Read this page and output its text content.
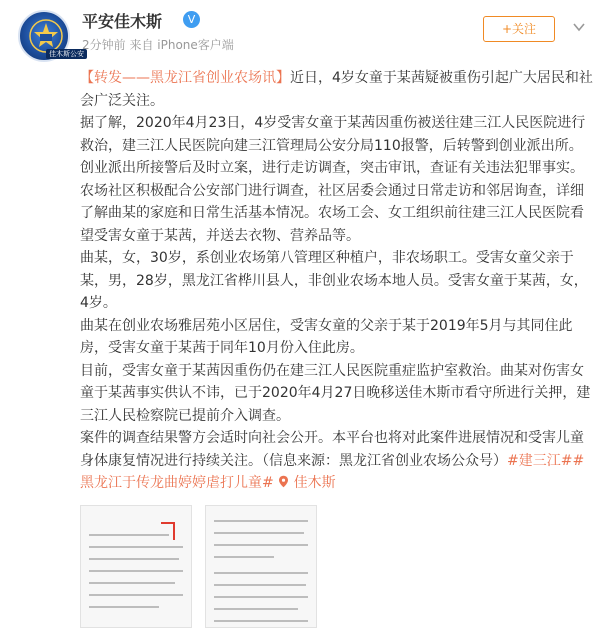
佳木斯公安
平安佳木斯	V
2分钟前 来自 iPhone客户端
+关注

【转发——黑龙江省创业农场讯】近日，4岁女童于某茜疑被重伤引起广大居民和社会广泛关注。

据了解，2020年4月23日，4岁受害女童于某茜因重伤被送往建三江人民医院进行救治，建三江人民医院向建三江管理局公安分局110报警，后转警到创业派出所。

创业派出所接警后及时立案，进行走访调查，突击审讯，查证有关违法犯罪事实。农场社区积极配合公安部门进行调查，社区居委会通过日常走访和邻居询查，详细了解曲某的家庭和日常生活基本情况。农场工会、女工组织前往建三江人民医院看望受害女童于某茜，并送去衣物、营养品等。

曲某，女，30岁，系创业农场第八管理区种植户，非农场职工。受害女童父亲于某，男，28岁，黑龙江省桦川县人，非创业农场本地人员。受害女童于某茜，女，4岁。

曲某在创业农场雅居苑小区居住，受害女童的父亲于某于2019年5月与其同住此房，受害女童于某茜于同年10月份入住此房。

目前，受害女童于某茜因重伤仍在建三江人民医院重症监护室救治。曲某对伤害女童于某茜事实供认不讳，已于2020年4月27日晚移送佳木斯市看守所进行关押，建三江人民检察院已提前介入调查。

案件的调查结果警方会适时向社会公开。本平台也将对此案件进展情况和受害儿童身体康复情况进行持续关注。（信息来源：黑龙江省创业农场公众号）#建三江##黑龙江于传龙曲婷婷虐打儿童# 佳木斯
